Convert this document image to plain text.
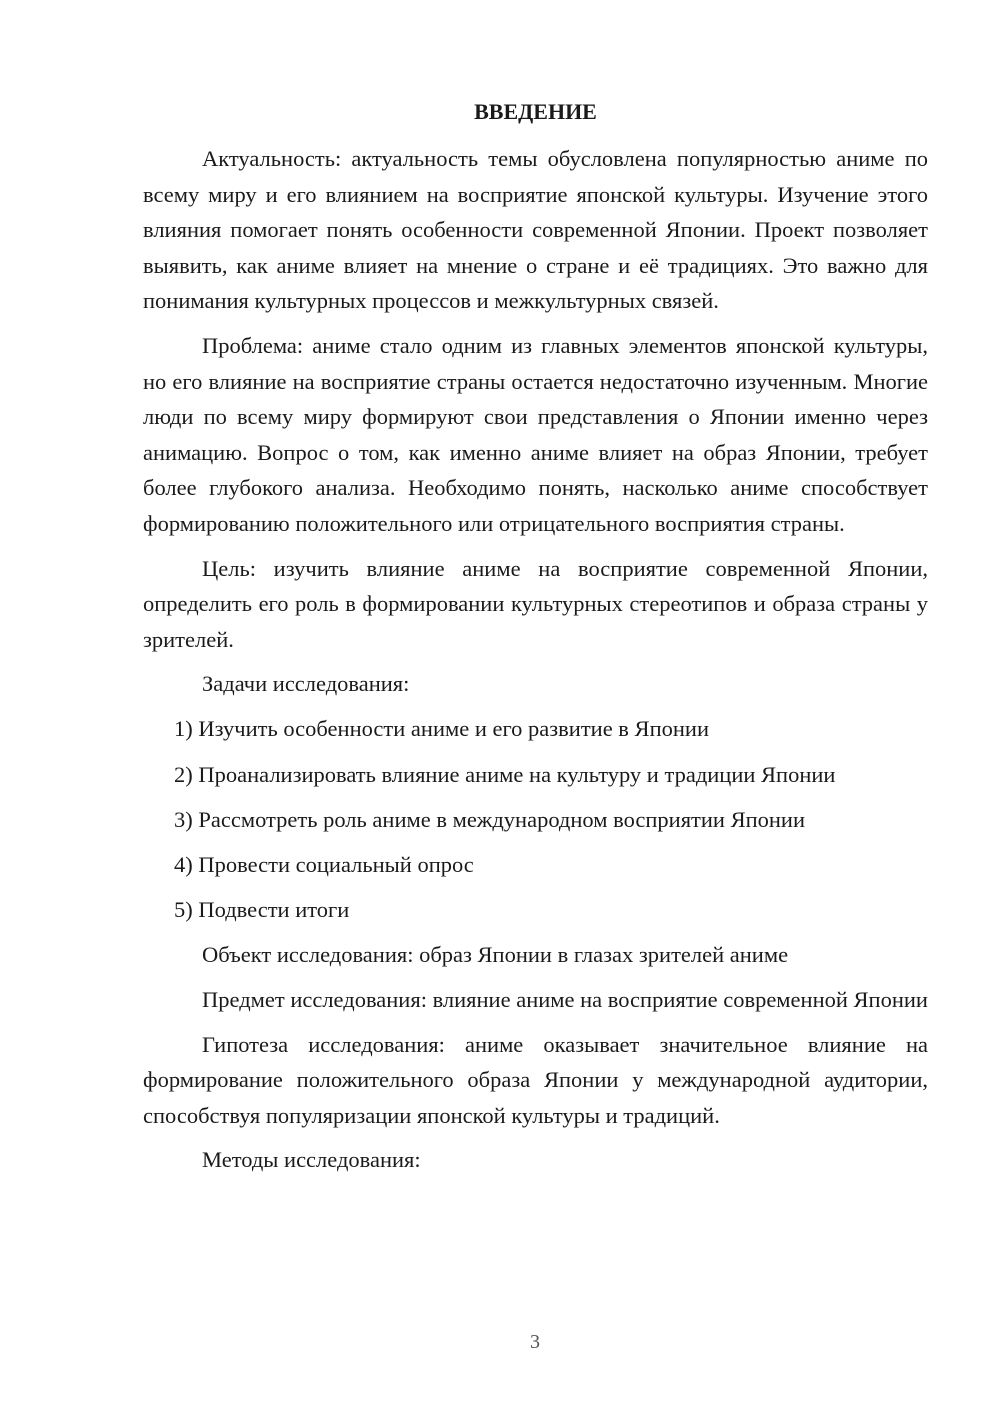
ВВЕДЕНИЕ

Актуальность: актуальность темы обусловлена популярностью аниме по всему миру и его влиянием на восприятие японской культуры. Изучение этого влияния помогает понять особенности современной Японии. Проект позволяет выявить, как аниме влияет на мнение о стране и её традициях. Это важно для понимания культурных процессов и межкультурных связей.

Проблема: аниме стало одним из главных элементов японской культуры, но его влияние на восприятие страны остается недостаточно изученным. Многие люди по всему миру формируют свои представления о Японии именно через анимацию. Вопрос о том, как именно аниме влияет на образ Японии, требует более глубокого анализа. Необходимо понять, насколько аниме способствует формированию положительного или отрицательного восприятия страны.

Цель: изучить влияние аниме на восприятие современной Японии, определить его роль в формировании культурных стереотипов и образа страны у зрителей.

Задачи исследования:

1) Изучить особенности аниме и его развитие в Японии
2) Проанализировать влияние аниме на культуру и традиции Японии
3) Рассмотреть роль аниме в международном восприятии Японии
4) Провести социальный опрос
5) Подвести итоги

Объект исследования: образ Японии в глазах зрителей аниме

Предмет исследования: влияние аниме на восприятие современной Японии

Гипотеза исследования: аниме оказывает значительное влияние на формирование положительного образа Японии у международной аудитории, способствуя популяризации японской культуры и традиций.

Методы исследования:

3
